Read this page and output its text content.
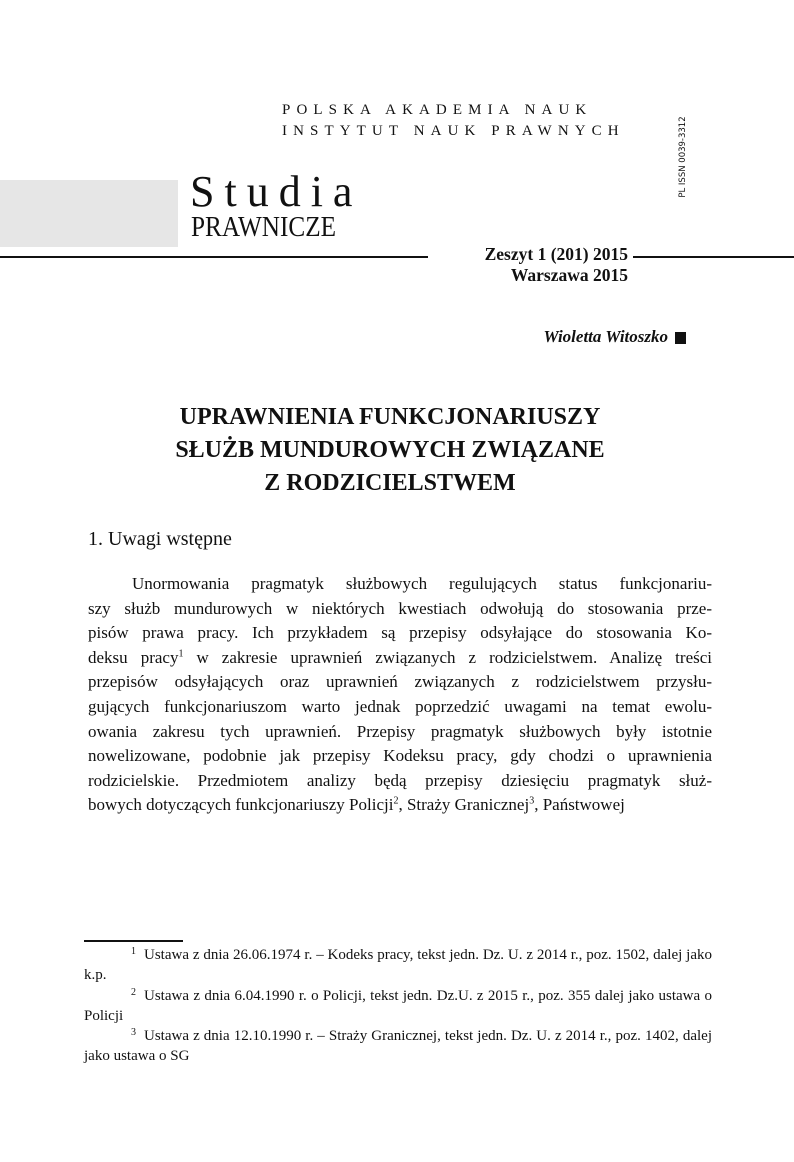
POLSKA AKADEMIA NAUK
INSTYTUT NAUK PRAWNYCH	PL ISSN 0039-3312
Studia
PRAWNICZE
Zeszyt 1 (201) 2015
Warszawa 2015
Wioletta Witoszko
UPRAWNIENIA FUNKCJONARIUSZY
SŁUŻB MUNDUROWYCH ZWIĄZANE
Z RODZICIELSTWEM
1. Uwagi wstępne
Unormowania pragmatyk służbowych regulujących status funkcjonariu-
szy służb mundurowych w niektórych kwestiach odwołują do stosowania prze-
pisów prawa pracy. Ich przykładem są przepisy odsyłające do stosowania Ko-
deksu pracy$^1$ w zakresie uprawnień związanych z rodzicielstwem. Analizę treści
przepisów odsyłających oraz uprawnień związanych z rodzicielstwem przysłu-
gujących funkcjonariuszom warto jednak poprzedzić uwagami na temat ewolu-
owania zakresu tych uprawnień. Przepisy pragmatyk służbowych były istotnie
nowelizowane, podobnie jak przepisy Kodeksu pracy, gdy chodzi o uprawnienia
rodzicielskie. Przedmiotem analizy będą przepisy dziesięciu pragmatyk służ-
bowych dotyczących funkcjonariuszy Policji$^2$, Straży Granicznej$^3$, Państwowej
1 Ustawa z dnia 26.06.1974 r. – Kodeks pracy, tekst jedn. Dz. U. z 2014 r., poz. 1502, dalej jako k.p.
2 Ustawa z dnia 6.04.1990 r. o Policji, tekst jedn. Dz.U. z 2015 r., poz. 355 dalej jako ustawa o Policji
3 Ustawa z dnia 12.10.1990 r. – Straży Granicznej, tekst jedn. Dz. U. z 2014 r., poz. 1402, dalej jako ustawa o SG
